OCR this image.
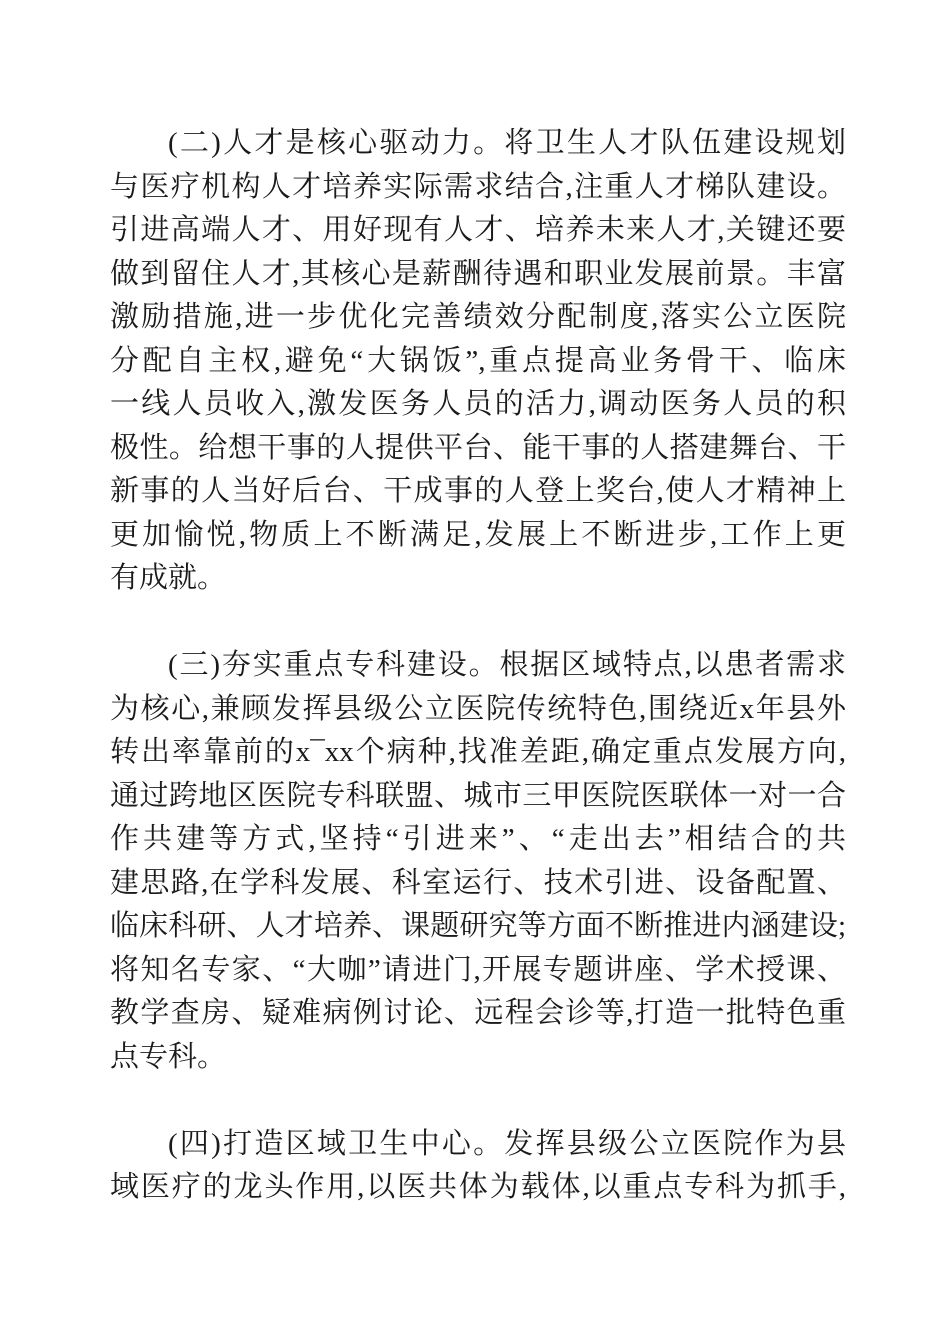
(二)人才是核心驱动力。将卫生人才队伍建设规划
与医疗机构人才培养实际需求结合,注重人才梯队建设。
引进高端人才、用好现有人才、培养未来人才,关键还要
做到留住人才,其核心是薪酬待遇和职业发展前景。丰富
激励措施,进一步优化完善绩效分配制度,落实公立医院
分配自主权,避免“大锅饭”,重点提高业务骨干、临床
一线人员收入,激发医务人员的活力,调动医务人员的积
极性。给想干事的人提供平台、能干事的人搭建舞台、干
新事的人当好后台、干成事的人登上奖台,使人才精神上
更加愉悦,物质上不断满足,发展上不断进步,工作上更
有成就。
(三)夯实重点专科建设。根据区域特点,以患者需求
为核心,兼顾发挥县级公立医院传统特色,围绕近x年县外
转出率靠前的x¯xx个病种,找准差距,确定重点发展方向,
通过跨地区医院专科联盟、城市三甲医院医联体一对一合
作共建等方式,坚持“引进来”、“走出去”相结合的共
建思路,在学科发展、科室运行、技术引进、设备配置、
临床科研、人才培养、课题研究等方面不断推进内涵建设;
将知名专家、“大咖”请进门,开展专题讲座、学术授课、
教学查房、疑难病例讨论、远程会诊等,打造一批特色重
点专科。
(四)打造区域卫生中心。发挥县级公立医院作为县
域医疗的龙头作用,以医共体为载体,以重点专科为抓手,
